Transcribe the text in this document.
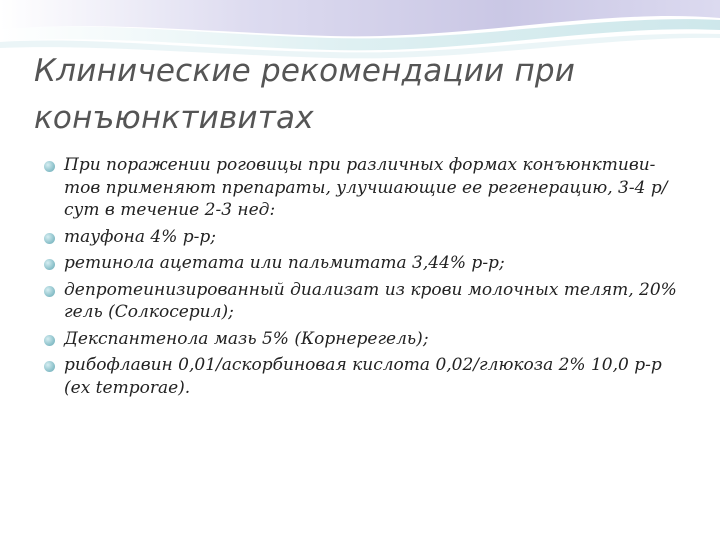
Клинические рекомендации при
конъюнктивитах
При поражении роговицы при различных формах конъюнктиви-тов применяют препараты, улучшающие ее регенерацию, 3-4 р/сут в течение 2-3 нед:
тауфона 4% р-р;
ретинола ацетата или пальмитата 3,44% р-р;
депротеинизированный диализат из крови молочных телят, 20% гель (Солкосерил);
Декспантенола мазь 5% (Корнерегель);
рибофлавин 0,01/аскорбиновая кислота 0,02/глюкоза 2% 10,0 р-р (ex temporae).
